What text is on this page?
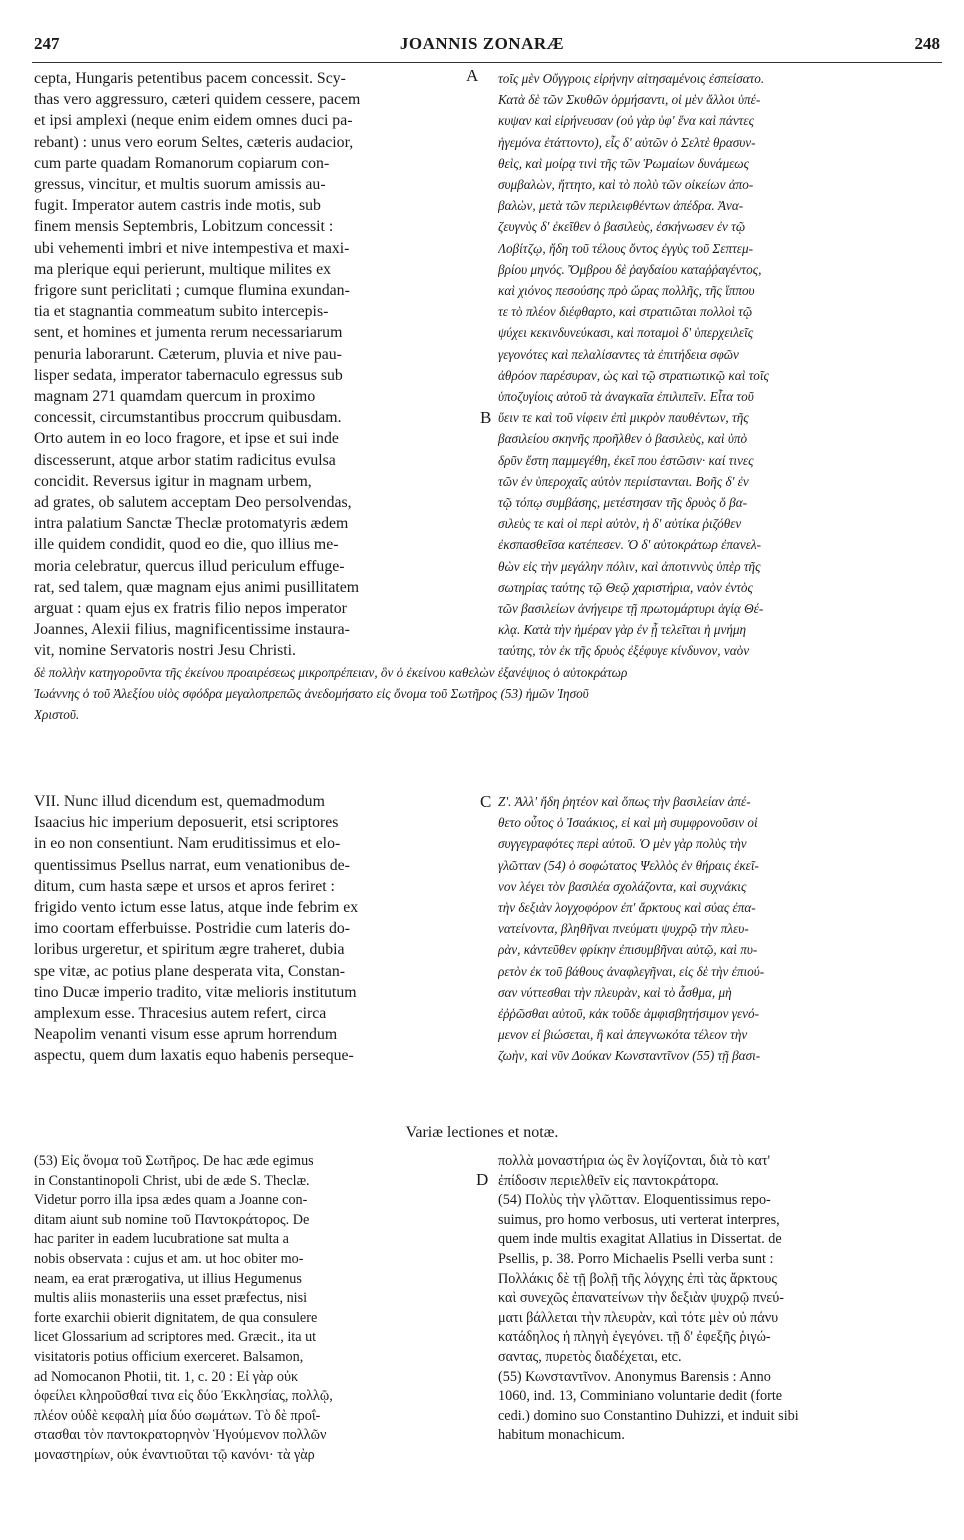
247	JOANNIS ZONARÆ	248
A
B
C
D
cepta, Hungaris petentibus pacem concessit. Scy-
thas vero aggressuro, cæteri quidem cessere, pacem
et ipsi amplexi (neque enim eidem omnes duci pa-
rebant) : unus vero eorum Seltes, cæteris audacior,
cum parte quadam Romanorum copiarum con-
gressus, vincitur, et multis suorum amissis au-
fugit. Imperator autem castris inde motis, sub
finem mensis Septembris, Lobitzum concessit :
ubi vehementi imbri et nive intempestiva et maxi-
ma plerique equi perierunt, multique milites ex
frigore sunt periclitati ; cumque flumina exundan-
tia et stagnantia commeatum subito intercepis-
sent, et homines et jumenta rerum necessariarum
penuria laborarunt. Cæterum, pluvia et nive pau-
lisper sedata, imperator tabernaculo egressus sub
magnam 271 quamdam quercum in proximo
concessit, circumstantibus proccrum quibusdam.
Orto autem in eo loco fragore, et ipse et sui inde
discesserunt, atque arbor statim radicitus evulsa
concidit. Reversus igitur in magnam urbem,
ad grates, ob salutem acceptam Deo persolvendas,
intra palatium Sanctæ Theclæ protomatyris ædem
ille quidem condidit, quod eo die, quo illius me-
moria celebratur, quercus illud periculum effuge-
rat, sed talem, quæ magnam ejus animi pusillitatem
arguat : quam ejus ex fratris filio nepos imperator
Joannes, Alexii filius, magnificentissime instaura-
vit, nomine Servatoris nostri Jesu Christi.
τοῖς μὲν Οὔγγροις εἰρήνην αἰτησαμένοις ἐσπείσατο.
Κατὰ δὲ τῶν Σκυθῶν ὁρμήσαντι, οἱ μὲν ἄλλοι ὑπέ-
κυψαν καὶ εἰρήνευσαν (οὐ γὰρ ὑφ' ἕνα καὶ πάντες
ἡγεμόνα ἐτάττοντο), εἷς δ' αὐτῶν ὁ Σελτὲ θρασυν-
θεὶς, καὶ μοίρᾳ τινὶ τῆς τῶν Ῥωμαίων δυνάμεως
συμβαλὼν, ἥττητο, καὶ τὸ πολὺ τῶν οἰκείων ἀπο-
βαλὼν, μετὰ τῶν περιλειφθέντων ἀπέδρα. Ἀνα-
ζευγνὺς δ' ἐκεῖθεν ὁ βασιλεὺς, ἐσκήνωσεν ἐν τῷ
Λοβίτζῳ, ἤδη τοῦ τέλους ὄντος ἐγγὺς τοῦ Σεπτεμ-
βρίου μηνός. Ὄμβρου δὲ ῥαγδαίου καταῤῥαγέντος,
καὶ χιόνος πεσούσης πρὸ ὥρας πολλῆς, τῆς ἵππου
τε τὸ πλέον διέφθαρτο, καὶ στρατιῶται πολλοὶ τῷ
ψύχει κεκινδυνεύκασι, καὶ ποταμοὶ δ' ὑπερχειλεῖς
γεγονότες καὶ πελαλίσαντες τὰ ἐπιτήδεια σφῶν
ἀθρόον παρέσυραν, ὡς καὶ τῷ στρατιωτικῷ καὶ τοῖς
ὑποζυγίοις αὐτοῦ τὰ ἀναγκαῖα ἐπιλιπεῖν. Εἶτα τοῦ
ὕειν τε καὶ τοῦ νίφειν ἐπὶ μικρὸν παυθέντων, τῆς
βασιλείου σκηνῆς προῆλθεν ὁ βασιλεὺς, καὶ ὑπὸ
δρῦν ἔστη παμμεγέθη, ἐκεῖ που ἑστῶσιν· καί τινες
τῶν ἐν ὑπεροχαῖς αὐτὸν περιίστανται. Βοῆς δ' ἐν
τῷ τόπῳ συμβάσης, μετέστησαν τῆς δρυὸς ὅ βα-
σιλεὺς τε καὶ οἱ περὶ αὐτὸν, ἡ δ' αὐτίκα ῥιζόθεν
ἐκσπασθεῖσα κατέπεσεν. Ὁ δ' αὐτοκράτωρ ἐπανελ-
θὼν εἰς τὴν μεγάλην πόλιν, καὶ ἀποτιννὺς ὑπὲρ τῆς
σωτηρίας ταύτης τῷ Θεῷ χαριστήρια, ναὸν ἐντὸς
τῶν βασιλείων ἀνήγειρε τῇ πρωτομάρτυρι ἁγίᾳ Θέ-
κλᾳ. Κατὰ τὴν ἡμέραν γὰρ ἐν ᾗ τελεῖται ἡ μνήμη
ταύτης, τὸν ἐκ τῆς δρυὸς ἐξέφυγε κίνδυνον, ναὸν
δὲ πολλὴν κατηγοροῦντα τῆς ἐκείνου προαιρέσεως μικροπρέπειαν, ὃν ὁ ἐκείνου καθελὼν ἐξανέψιος ὁ αὐτοκράτωρ
Ἰωάννης ὁ τοῦ Ἀλεξίου υἱὸς σφόδρα μεγαλοπρεπῶς ἀνεδομήσατο εἰς ὄνομα τοῦ Σωτῆρος (53) ἡμῶν Ἰησοῦ
Χριστοῦ.
VII. Nunc illud dicendum est, quemadmodum
Isaacius hic imperium deposuerit, etsi scriptores
in eo non consentiunt. Nam eruditissimus et elo-
quentissimus Psellus narrat, eum venationibus de-
ditum, cum hasta sæpe et ursos et apros feriret :
frigido vento ictum esse latus, atque inde febrim ex
imo coortam efferbuisse. Postridie cum lateris do-
loribus urgeretur, et spiritum ægre traheret, dubia
spe vitæ, ac potius plane desperata vita, Constan-
tino Ducæ imperio tradito, vitæ melioris institutum
amplexum esse. Thracesius autem refert, circa
Neapolim venanti visum esse aprum horrendum
aspectu, quem dum laxatis equo habenis perseque-
Ζ'. Ἀλλ' ἤδη ῥητέον καὶ ὅπως τὴν βασιλείαν ἀπέ-
θετο οὗτος ὁ Ἰσαάκιος, εἰ καὶ μὴ συμφρονοῦσιν οἱ
συγγεγραφότες περὶ αὐτοῦ. Ὁ μὲν γὰρ πολὺς τὴν
γλῶτταν (54) ὁ σοφώτατος Ψελλὸς ἐν θήραις ἐκεῖ-
νον λέγει τὸν βασιλέα σχολάζοντα, καὶ συχνάκις
τὴν δεξιὰν λογχοφόρον ἐπ' ἄρκτους καὶ σύας ἐπα-
νατείνοντα, βληθῆναι πνεύματι ψυχρῷ τὴν πλευ-
ρὰν, κἀντεῦθεν φρίκην ἐπισυμβῆναι αὐτῷ, καὶ πυ-
ρετὸν ἐκ τοῦ βάθους ἀναφλεγῆναι, εἰς δὲ τὴν ἐπιού-
σαν νύττεσθαι τὴν πλευρὰν, καὶ τὸ ἆσθμα, μὴ
ἐῤῥῶσθαι αὐτοῦ, κἀκ τοῦδε ἀμφισβητήσιμον γενό-
μενον εἰ βιώσεται, ἢ καὶ ἀπεγνωκότα τέλεον τὴν
ζωὴν, καὶ νῦν Δούκαν Κωνσταντῖνον (55) τῇ βασι-
Variæ lectiones et notæ.
(53) Εἰς ὄνομα τοῦ Σωτῆρος. De hac æde egimus
in Constantinopoli Christ, ubi de æde S. Theclæ.
Videtur porro illa ipsa ædes quam a Joanne con-
ditam aiunt sub nomine τοῦ Παντοκράτορος. De
hac pariter in eadem lucubratione sat multa a
nobis observata : cujus et am. ut hoc obiter mo-
neam, ea erat prærogativa, ut illius Hegumenus
multis aliis monasteriis una esset præfectus, nisi
forte exarchii obierit dignitatem, de qua consulere
licet Glossarium ad scriptores med. Græcit., ita ut
visitatoris potius officium exerceret. Balsamon,
ad Nomocanon Photii, tit. 1, c. 20 : Εἰ γὰρ οὐκ
ὀφείλει κληροῦσθαί τινα εἰς δύο Ἐκκλησίας, πολλῷ,
πλέον οὐδὲ κεφαλὴ μία δύο σωμάτων. Τὸ δὲ προΐ-
στασθαι τὸν παντοκρατορηνὸν Ἡγούμενον πολλῶν
μοναστηρίων, οὐκ ἐναντιοῦται τῷ κανόνι· τὰ γὰρ
πολλὰ μοναστήρια ὡς ἓν λογίζονται, διὰ τὸ κατ'
ἐπίδοσιν περιελθεῖν εἰς παντοκράτορα.
(54) Πολὺς τὴν γλῶτταν. Eloquentissimus repo-
suimus, pro homo verbosus, uti verterat interpres,
quem inde multis exagitat Allatius in Dissertat. de
Psellis, p. 38. Porro Michaelis Pselli verba sunt :
Πολλάκις δὲ τῇ βολῇ τῆς λόγχης ἐπὶ τὰς ἄρκτους
καὶ συνεχῶς ἐπανατείνων τὴν δεξιὰν ψυχρῷ πνεύ-
ματι βάλλεται τὴν πλευρὰν, καὶ τότε μὲν οὐ πάνυ
κατάδηλος ἡ πληγὴ ἐγεγόνει. τῇ δ' ἐφεξῆς ῥιγώ-
σαντας, πυρετὸς διαδέχεται, etc.
(55) Κωνσταντῖνον. Anonymus Barensis : Anno
1060, ind. 13, Comminiano voluntarie dedit (forte
cedi.) domino suo Constantino Duhizzi, et induit sibi
habitum monachicum.
